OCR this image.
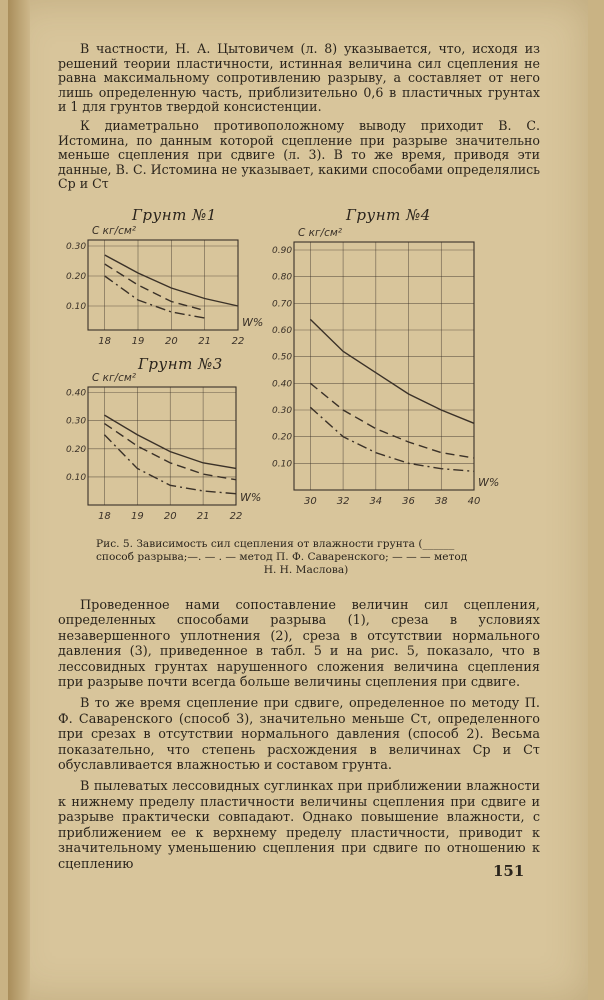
В частности, Н. А. Цытовичем (л. 8) указывается, что, исходя из решений теории пластичности, истинная величина сил сцепления не равна максимальному сопротивлению разрыву, а составляет от него лишь определенную часть, приблизительно 0,6 в пластичных грунтах и 1 для грунтов твердой консистенции.

К диаметрально противоположному выводу приходит В. С. Истомина, по данным которой сцепление при разрыве значительно меньше сцепления при сдвиге (л. 3). В то же время, приводя эти данные, В. С. Истомина не указывает, какими способами определялись Cр и Cτ

Грунт №1	Грунт №4
Грунт №3
18 19 20 21 22
0.30
0.20
0.10
C кг/см²
W%
18 19 20 21 22
0.40
0.30
0.20
0.10
C кг/см²
W%	30 32 34 36 38 40
0.90
0.80
0.70
0.60
0.50
0.40
0.30
0.20
0.10
C кг/см²
W%
Рис. 5. Зависимость сил сцепления от влажности грунта (______
способ разрыва;—. — . — метод П. Ф. Саваренского; — — — метод
Н. Н. Маслова)

Проведенное нами сопоставление величин сил сцепления, определенных способами разрыва (1), среза в условиях незавершенного уплотнения (2), среза в отсутствии нормального давления (3), приведенное в табл. 5 и на рис. 5, показало, что в лессовидных грунтах нарушенного сложения величина сцепления при разрыве почти всегда больше величины сцепления при сдвиге.

В то же время сцепление при сдвиге, определенное по методу П. Ф. Саваренского (способ 3), значительно меньше Cτ, определенного при срезах в отсутствии нормального давления (способ 2). Весьма показательно, что степень расхождения в величинах Cр и Cτ обуславливается влажностью и составом грунта.

В пылеватых лессовидных суглинках при приближении влажности к нижнему пределу пластичности величины сцепления при сдвиге и разрыве практически совпадают. Однако повышение влажности, с приближением ее к верхнему пределу пластичности, приводит к значительному уменьшению сцепления при сдвиге по отношению к сцеплению	151
